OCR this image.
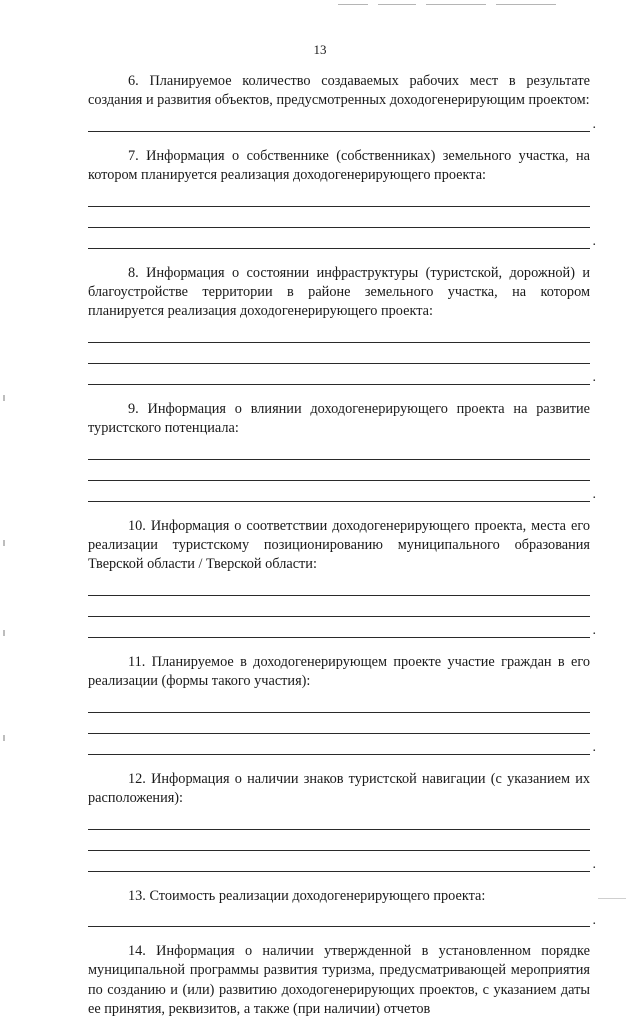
13

6. Планируемое количество создаваемых рабочих мест в результате создания и развития объектов, предусмотренных доходогенерирующим проектом:

.

7. Информация о собственнике (собственниках) земельного участка, на котором планируется реализация доходогенерирующего проекта:

.

8. Информация о состоянии инфраструктуры (туристской, дорожной) и благоустройстве территории в районе земельного участка, на котором планируется реализация доходогенерирующего проекта:

.

9. Информация о влиянии доходогенерирующего проекта на развитие туристского потенциала:

.

10. Информация о соответствии доходогенерирующего проекта, места его реализации туристскому позиционированию муниципального образования Тверской области / Тверской области:

.

11. Планируемое в доходогенерирующем проекте участие граждан в его реализации (формы такого участия):

.

12. Информация о наличии знаков туристской навигации (с указанием их расположения):

.

13. Стоимость реализации доходогенерирующего проекта:

.

14. Информация о наличии утвержденной в установленном порядке муниципальной программы развития туризма, предусматривающей мероприятия по созданию и (или) развитию доходогенерирующих проектов, с указанием даты ее принятия, реквизитов, а также (при наличии) отчетов
